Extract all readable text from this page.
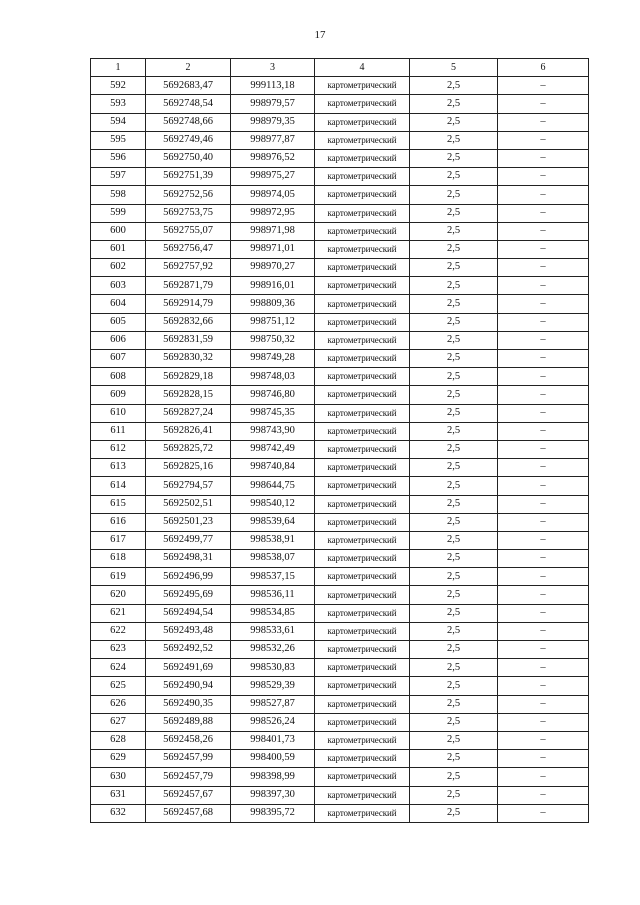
17
1	2	3	4	5	6
592	5692683,47	999113,18	картометрический	2,5	–
593	5692748,54	998979,57	картометрический	2,5	–
594	5692748,66	998979,35	картометрический	2,5	–
595	5692749,46	998977,87	картометрический	2,5	–
596	5692750,40	998976,52	картометрический	2,5	–
597	5692751,39	998975,27	картометрический	2,5	–
598	5692752,56	998974,05	картометрический	2,5	–
599	5692753,75	998972,95	картометрический	2,5	–
600	5692755,07	998971,98	картометрический	2,5	–
601	5692756,47	998971,01	картометрический	2,5	–
602	5692757,92	998970,27	картометрический	2,5	–
603	5692871,79	998916,01	картометрический	2,5	–
604	5692914,79	998809,36	картометрический	2,5	–
605	5692832,66	998751,12	картометрический	2,5	–
606	5692831,59	998750,32	картометрический	2,5	–
607	5692830,32	998749,28	картометрический	2,5	–
608	5692829,18	998748,03	картометрический	2,5	–
609	5692828,15	998746,80	картометрический	2,5	–
610	5692827,24	998745,35	картометрический	2,5	–
611	5692826,41	998743,90	картометрический	2,5	–
612	5692825,72	998742,49	картометрический	2,5	–
613	5692825,16	998740,84	картометрический	2,5	–
614	5692794,57	998644,75	картометрический	2,5	–
615	5692502,51	998540,12	картометрический	2,5	–
616	5692501,23	998539,64	картометрический	2,5	–
617	5692499,77	998538,91	картометрический	2,5	–
618	5692498,31	998538,07	картометрический	2,5	–
619	5692496,99	998537,15	картометрический	2,5	–
620	5692495,69	998536,11	картометрический	2,5	–
621	5692494,54	998534,85	картометрический	2,5	–
622	5692493,48	998533,61	картометрический	2,5	–
623	5692492,52	998532,26	картометрический	2,5	–
624	5692491,69	998530,83	картометрический	2,5	–
625	5692490,94	998529,39	картометрический	2,5	–
626	5692490,35	998527,87	картометрический	2,5	–
627	5692489,88	998526,24	картометрический	2,5	–
628	5692458,26	998401,73	картометрический	2,5	–
629	5692457,99	998400,59	картометрический	2,5	–
630	5692457,79	998398,99	картометрический	2,5	–
631	5692457,67	998397,30	картометрический	2,5	–
632	5692457,68	998395,72	картометрический	2,5	–
